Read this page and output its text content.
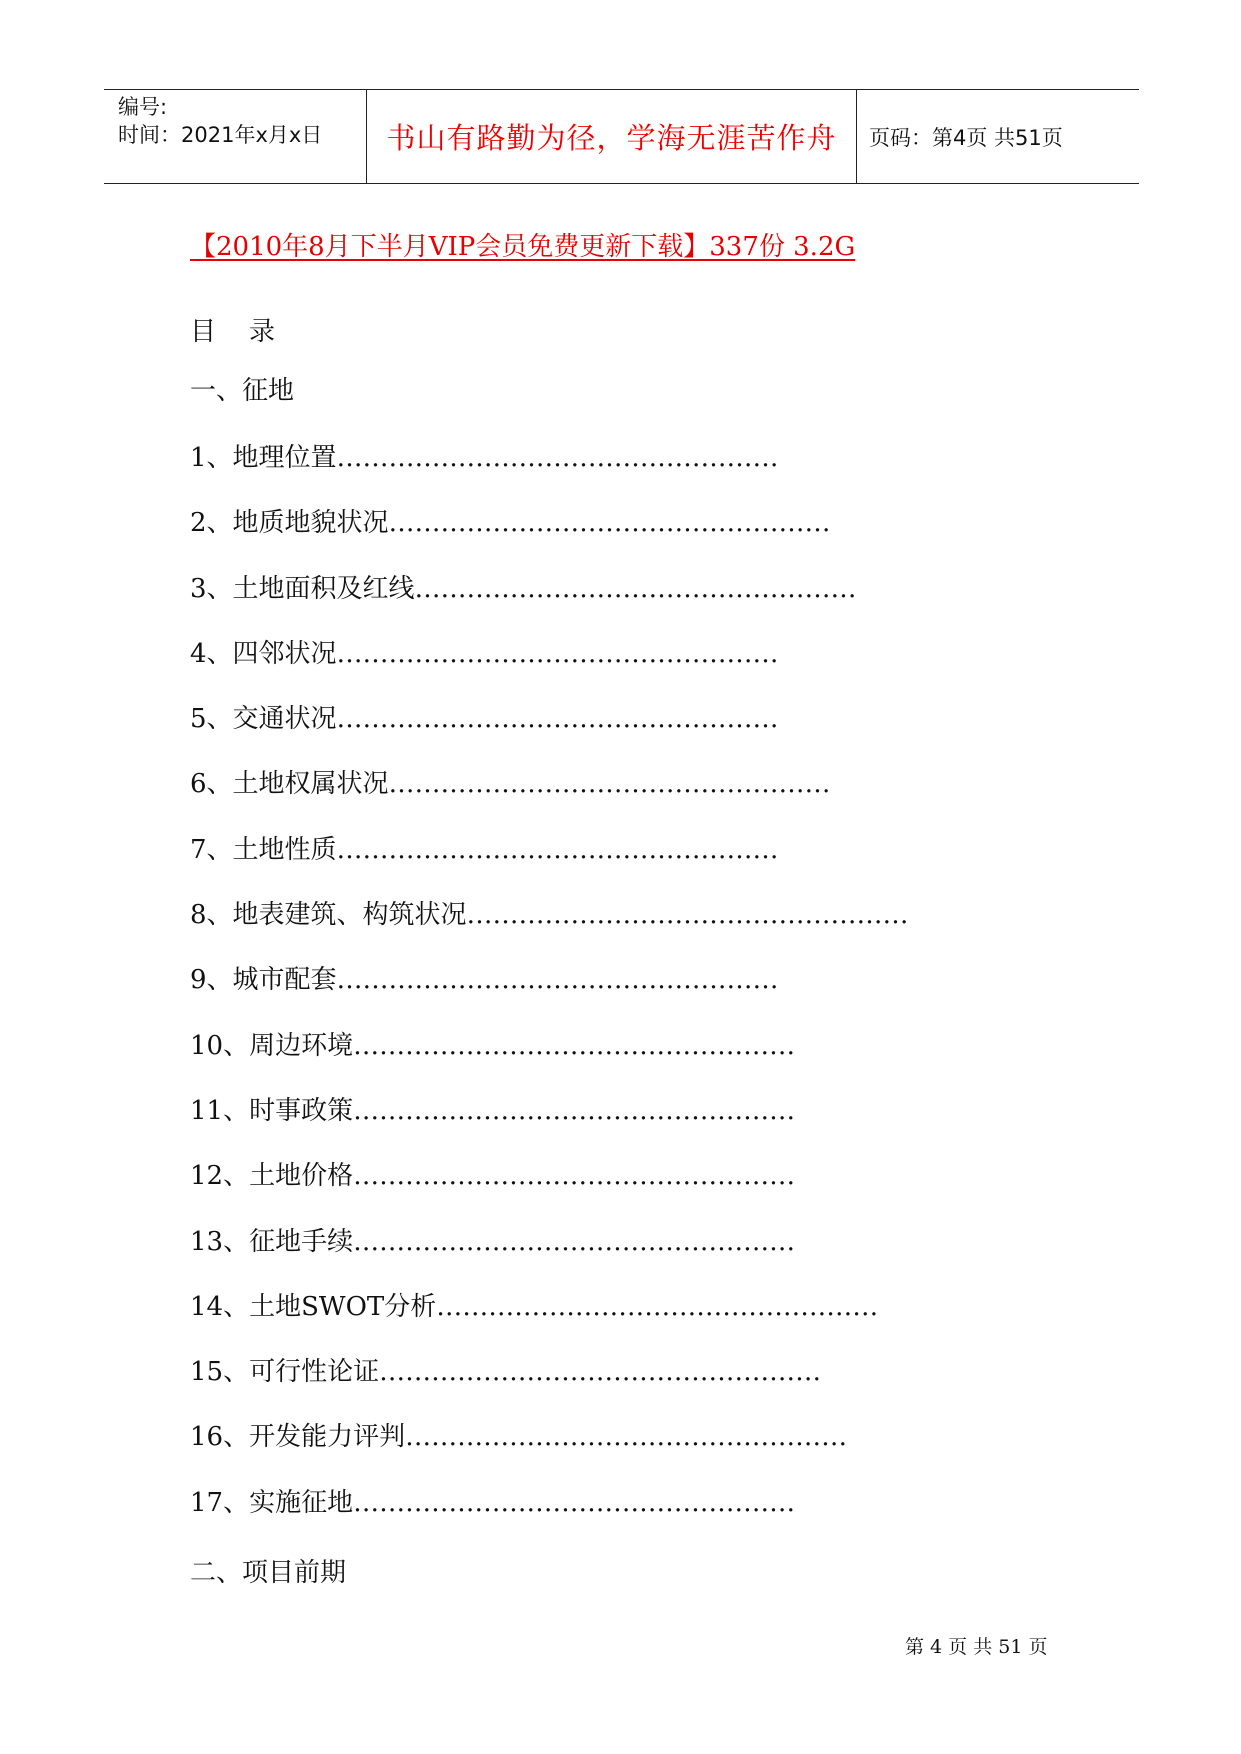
编号:
时间：2021年x月x日	书山有路勤为径，学海无涯苦作舟	页码：第4页 共51页
【2010年8月下半月VIP会员免费更新下载】337份 3.2G
目    录
一、征地
1、地理位置……………………………………………
2、地质地貌状况……………………………………………
3、土地面积及红线……………………………………………
4、四邻状况……………………………………………
5、交通状况……………………………………………
6、土地权属状况……………………………………………
7、土地性质……………………………………………
8、地表建筑、构筑状况……………………………………………
9、城市配套……………………………………………
10、周边环境……………………………………………
11、时事政策……………………………………………
12、土地价格……………………………………………
13、征地手续……………………………………………
14、土地SWOT分析……………………………………………
15、可行性论证……………………………………………
16、开发能力评判……………………………………………
17、实施征地……………………………………………
二、项目前期
第 4 页 共 51 页
